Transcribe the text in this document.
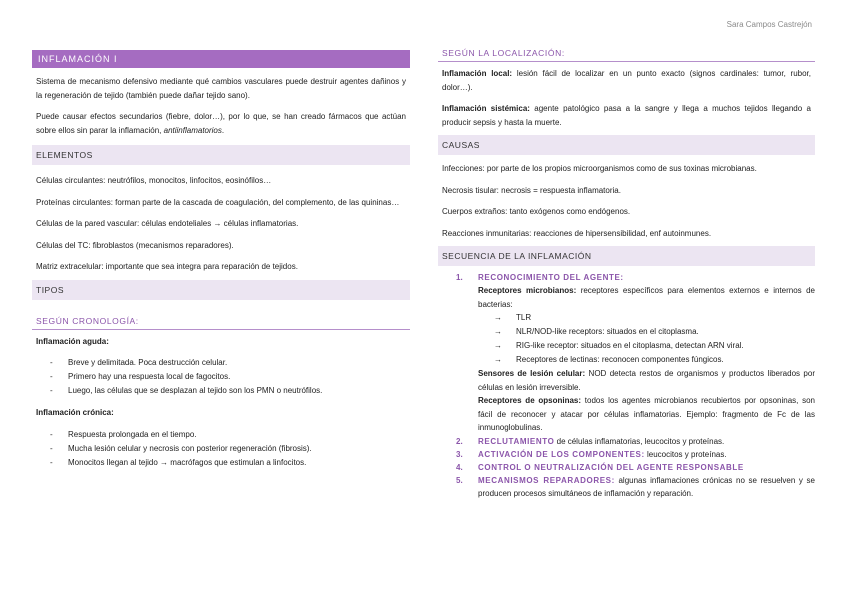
Sara Campos Castrejón
INFLAMACIÓN I

Sistema de mecanismo defensivo mediante qué cambios vasculares puede destruir agentes dañinos y la regeneración de tejido (también puede dañar tejido sano).

Puede causar efectos secundarios (fiebre, dolor…), por lo que, se han creado fármacos que actúan sobre ellos sin parar la inflamación, antiinflamatorios.

ELEMENTOS

Células circulantes: neutrófilos, monocitos, linfocitos, eosinófilos…

Proteínas circulantes: forman parte de la cascada de coagulación, del complemento, de las quininas…

Células de la pared vascular: células endoteliales → células inflamatorias.

Células del TC: fibroblastos (mecanismos reparadores).

Matriz extracelular: importante que sea integra para reparación de tejidos.

TIPOS
SEGÚN CRONOLOGÍA:

Inflamación aguda:

- Breve y delimitada. Poca destrucción celular.
- Primero hay una respuesta local de fagocitos.
- Luego, las células que se desplazan al tejido son los PMN o neutrófilos.

Inflamación crónica:

- Respuesta prolongada en el tiempo.
- Mucha lesión celular y necrosis con posterior regeneración (fibrosis).
- Monocitos llegan al tejido → macrófagos que estimulan a linfocitos.
SEGÚN LA LOCALIZACIÓN:

Inflamación local: lesión fácil de localizar en un punto exacto (signos cardinales: tumor, rubor, dolor…).

Inflamación sistémica: agente patológico pasa a la sangre y llega a muchos tejidos llegando a producir sepsis y hasta la muerte.

CAUSAS

Infecciones: por parte de los propios microorganismos como de sus toxinas microbianas.

Necrosis tisular: necrosis = respuesta inflamatoria.

Cuerpos extraños: tanto exógenos como endógenos.

Reacciones inmunitarias: reacciones de hipersensibilidad, enf autoinmunes.

SECUENCIA DE LA INFLAMACIÓN
1. RECONOCIMIENTO DEL AGENTE:

Receptores microbianos: receptores específicos para elementos externos e internos de bacterias:

→ TLR
→ NLR/NOD-like receptors: situados en el citoplasma.
→ RIG-like receptor: situados en el citoplasma, detectan ARN viral.
→ Receptores de lectinas: reconocen componentes fúngicos.

Sensores de lesión celular: NOD detecta restos de organismos y productos liberados por células en lesión irreversible.

Receptores de opsoninas: todos los agentes microbianos recubiertos por opsoninas, son fácil de reconocer y atacar por células inflamatorias. Ejemplo: fragmento de Fc de las inmunoglobulinas.

2. RECLUTAMIENTO de células inflamatorias, leucocitos y proteínas.
3. ACTIVACIÓN DE LOS COMPONENTES: leucocitos y proteínas.
4. CONTROL O NEUTRALIZACIÓN DEL AGENTE RESPONSABLE
5. MECANISMOS REPARADORES: algunas inflamaciones crónicas no se resuelven y se producen procesos simultáneos de inflamación y reparación.
